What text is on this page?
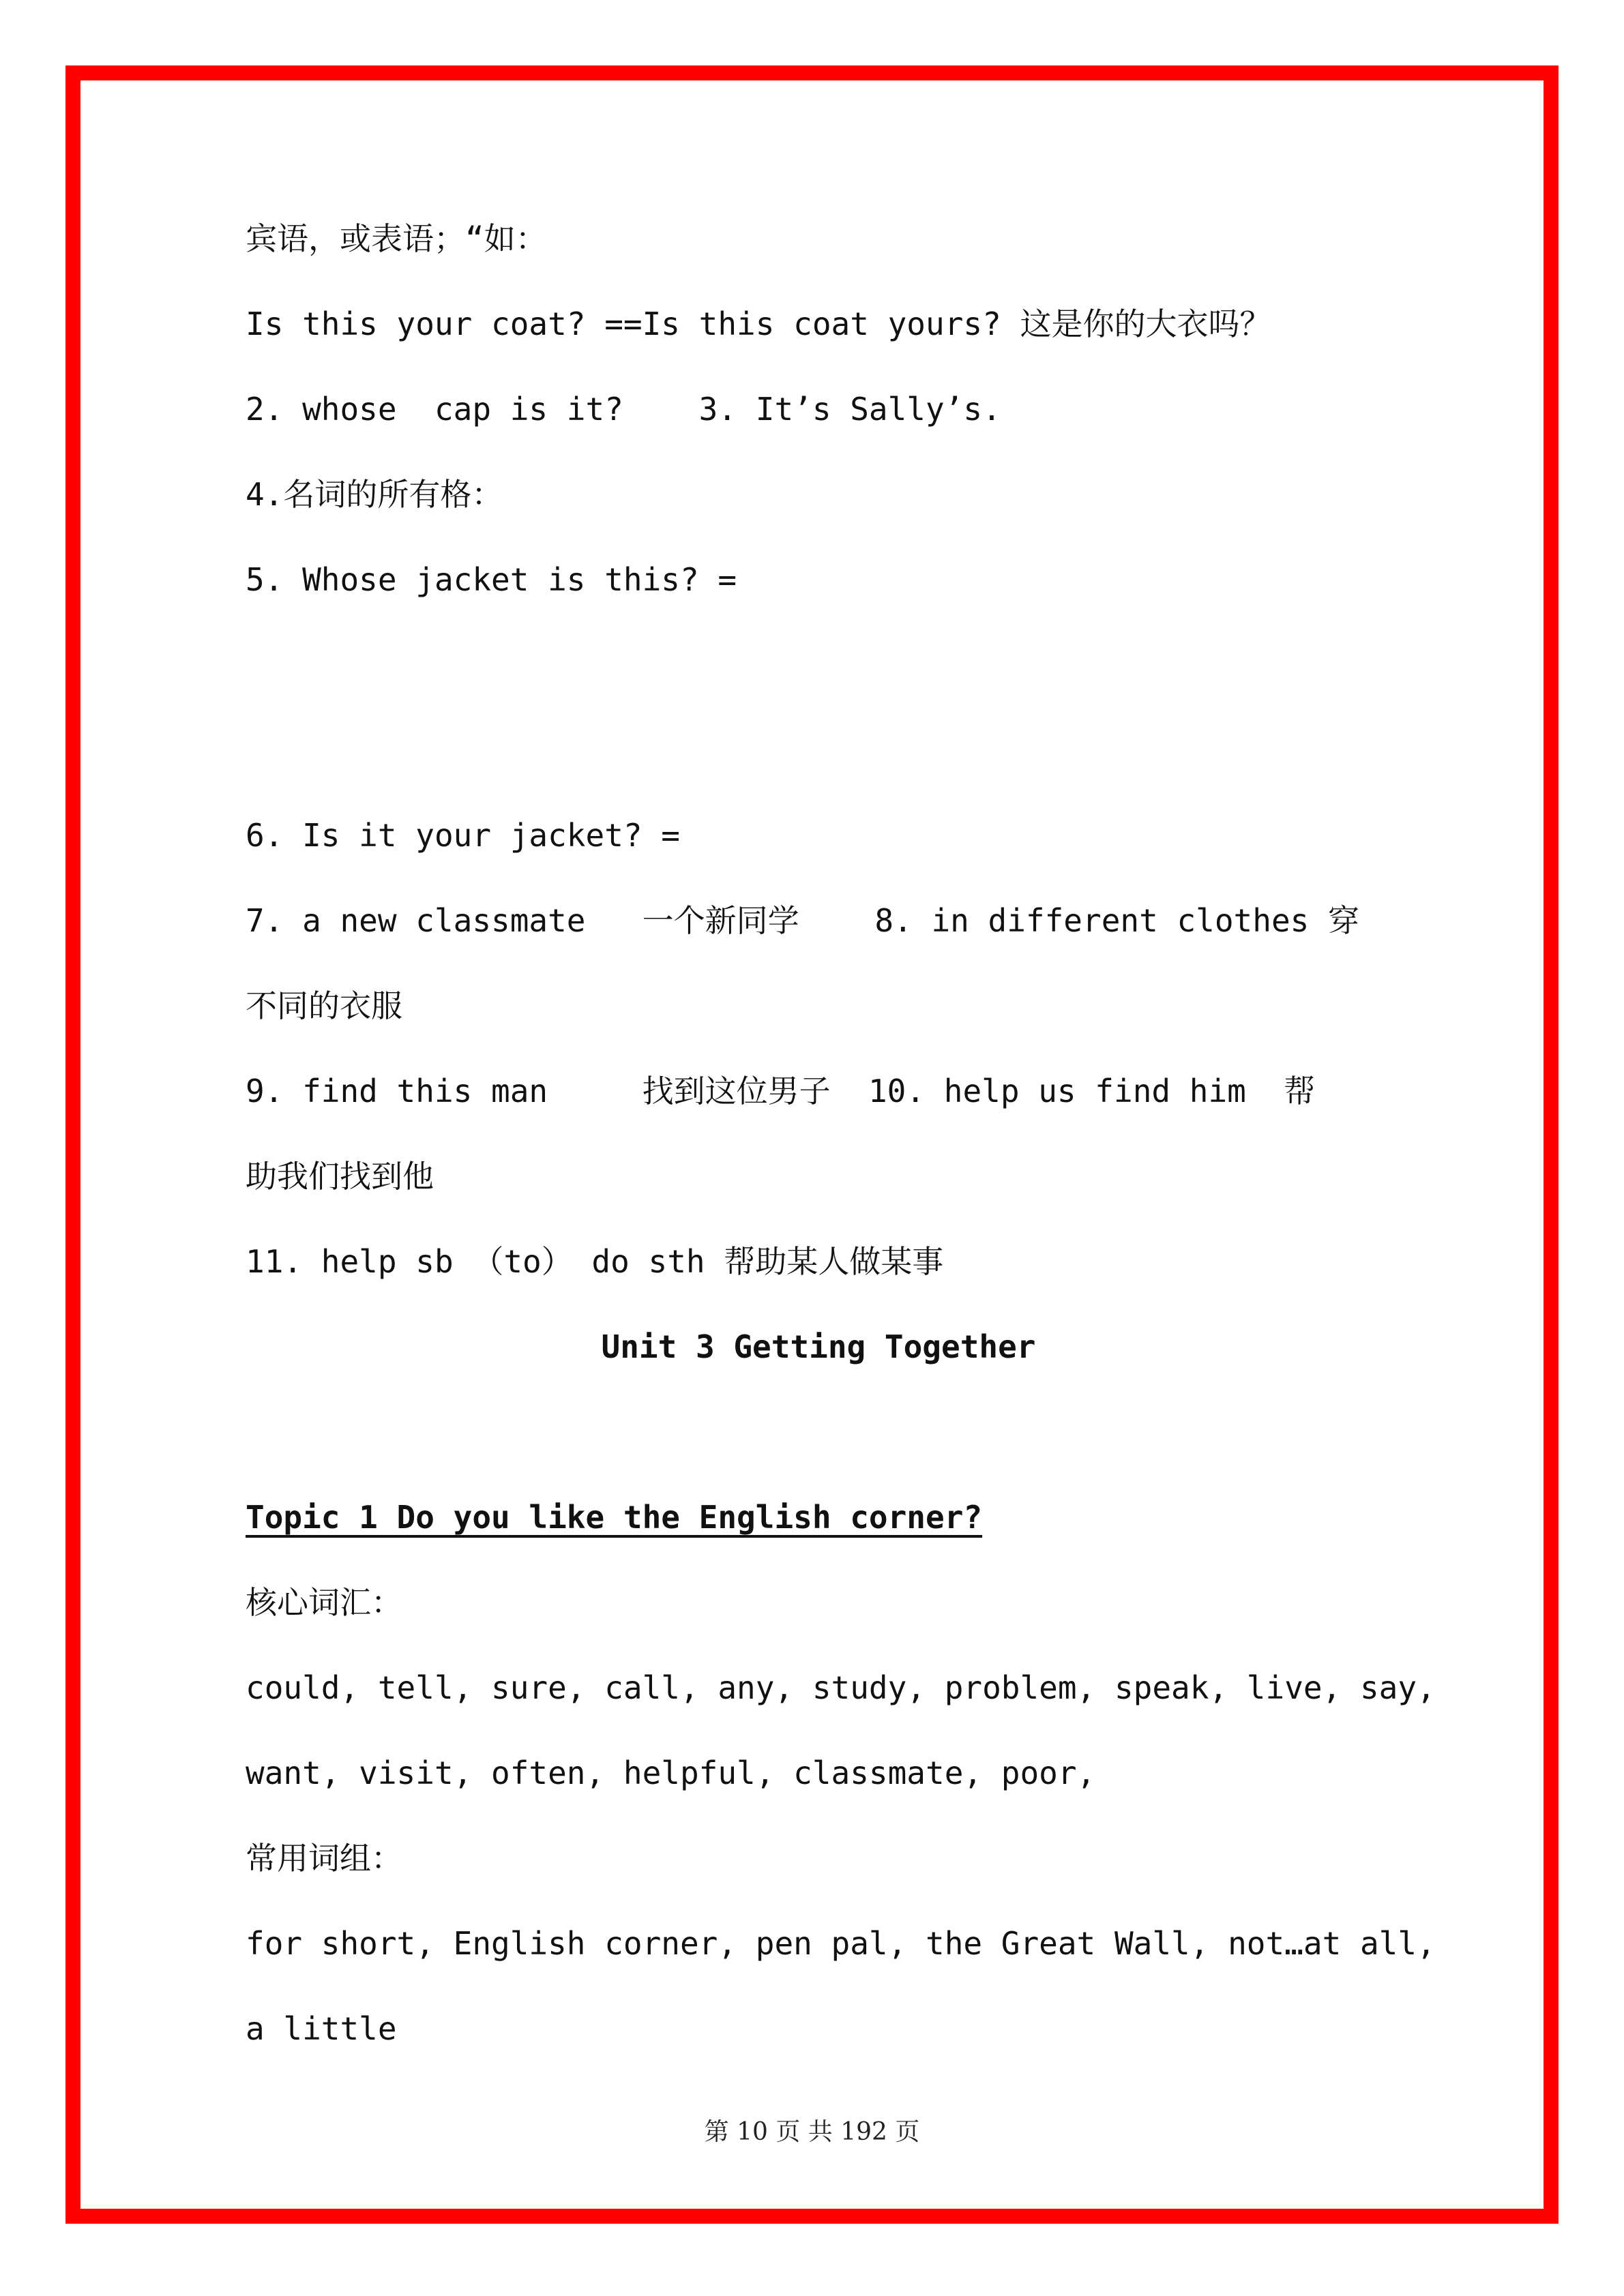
宾语，或表语；“如：
Is this your coat? ==Is this coat yours? 这是你的大衣吗？
2. whose  cap is it?    3. It’s Sally’s.
4.名词的所有格：
5. Whose jacket is this? =
6. Is it your jacket? =
7. a new classmate   一个新同学    8. in different clothes 穿
不同的衣服
9. find this man     找到这位男子  10. help us find him  帮
助我们找到他
11. help sb （to） do sth 帮助某人做某事
Unit 3 Getting Together
Topic 1 Do you like the English corner?
核心词汇：
could, tell, sure, call, any, study, problem, speak, live, say,
want, visit, often, helpful, classmate, poor,
常用词组：
for short, English corner, pen pal, the Great Wall, not…at all,
a little
第 10 页 共 192 页
